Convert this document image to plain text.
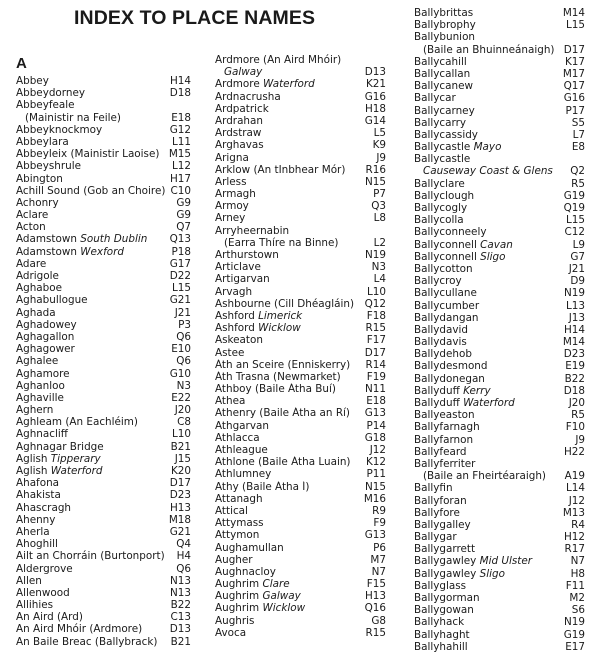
INDEX TO PLACE NAMES
A
Abbey	H14
Abbeydorney	D18
Abbeyfeale
(Mainistir na Feile)	E18
Abbeyknockmoy	G12
Abbeylara	L11
Abbeyleix (Mainistir Laoise) M15
Abbeyshrule	L12
Abington	H17
Achill Sound (Gob an Choire) C10
Achonry	G9
Aclare	G9
Acton	Q7
Adamstown South Dublin	Q13
Adamstown Wexford	P18
Adare	G17
Adrigole	D22
Aghaboe	L15
Aghabullogue	G21
Aghada	J21
Aghadowey	P3
Aghagallon	Q6
Aghagower	E10
Aghalee	Q6
Aghamore	G10
Aghanloo	N3
Aghaville	E22
Aghern	J20
Aghleam (An Eachléim)	C8
Aghnacliff	L10
Aghnagar Bridge	B21
Aglish Tipperary	J15
Aglish Waterford	K20
Ahafona	D17
Ahakista	D23
Ahascragh	H13
Ahenny	M18
Aherla	G21
Ahoghill	Q4
Ailt an Chorráin (Burtonport)	H4
Aldergrove	Q6
Allen	N13
Allenwood	N13
Allihies	B22
An Aird (Ard)	C13
An Aird Mhóir (Ardmore)	D13
An Baile Breac (Ballybrack)	B21
Ardmore (An Aird Mhóir)
Galway	D13
Ardmore Waterford	K21
Ardnacrusha	G16
Ardpatrick	H18
Ardrahan	G14
Ardstraw	L5
Arghavas	K9
Arigna	J9
Arklow (An tInbhear Mór)	R16
Arless	N15
Armagh	P7
Armoy	Q3
Arney	L8
Arryheernabin
(Earra Thíre na Binne)	L2
Arthurstown	N19
Articlave	N3
Artigarvan	L4
Arvagh	L10
Ashbourne (Cill Dhéagláin)	Q12
Ashford Limerick	F18
Ashford Wicklow	R15
Askeaton	F17
Astee	D17
Áth an Sceire (Enniskerry)	R14
Áth Trasna (Newmarket)	F19
Athboy (Baile Átha Buí)	N11
Athea	E18
Athenry (Baile Átha an Rí)	G13
Athgarvan	P14
Athlacca	G18
Athleague	J12
Athlone (Baile Átha Luain)	K12
Athlumney	P11
Athy (Baile Átha Í)	N15
Attanagh	M16
Attical	R9
Attymass	F9
Attymon	G13
Aughamullan	P6
Augher	M7
Aughnacloy	N7
Aughrim Clare	F15
Aughrim Galway	H13
Aughrim Wicklow	Q16
Aughris	G8
Avoca	R15
Ballybrittas	M14
Ballybrophy	L15
Ballybunion
(Baile an Bhuinneánaigh) D17
Ballycahill	K17
Ballycallan	M17
Ballycanew	Q17
Ballycar	G16
Ballycarney	P17
Ballycarry	S5
Ballycassidy	L7
Ballycastle Mayo	E8
Ballycastle
Causeway Coast & Glens	Q2
Ballyclare	R5
Ballyclough	G19
Ballycogly	Q19
Ballycolla	L15
Ballyconneely	C12
Ballyconnell Cavan	L9
Ballyconnell Sligo	G7
Ballycotton	J21
Ballycroy	D9
Ballycullane	N19
Ballycumber	L13
Ballydangan	J13
Ballydavid	H14
Ballydavis	M14
Ballydehob	D23
Ballydesmond	E19
Ballydonegan	B22
Ballyduff Kerry	D18
Ballyduff Waterford	J20
Ballyeaston	R5
Ballyfarnagh	F10
Ballyfarnon	J9
Ballyfeard	H22
Ballyferriter
(Baile an Fheirtéaraigh)	A19
Ballyfin	L14
Ballyforan	J12
Ballyfore	M13
Ballygalley	R4
Ballygar	H12
Ballygarrett	R17
Ballygawley Mid Ulster	N7
Ballygawley Sligo	H8
Ballyglass	F11
Ballygorman	M2
Ballygowan	S6
Ballyhack	N19
Ballyhaght	G19
Ballyhahill	E17
